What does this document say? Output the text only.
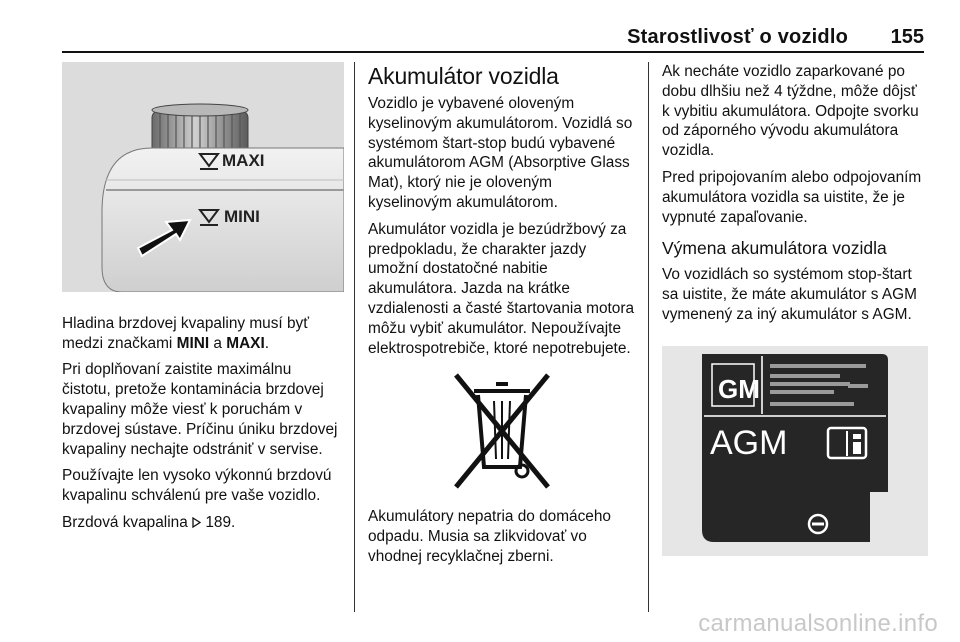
Starostlivosť o vozidlo 155
MAXI
MINI

Hladina brzdovej kvapaliny musí byť medzi značkami MINI a MAXI.

Pri doplňovaní zaistite maximálnu čistotu, pretože kontaminácia brzdovej kvapaliny môže viesť k poruchám v brzdovej sústave. Príčinu úniku brzdovej kvapaliny nechajte odstrániť v servise.

Používajte len vysoko výkonnú brzdovú kvapalinu schválenú pre vaše vozidlo.

Brzdová kvapalina  189.

Akumulátor vozidla

Vozidlo je vybavené oloveným kyselinovým akumulátorom. Vozidlá so systémom štart-stop budú vybavené akumulátorom AGM (Absorptive Glass Mat), ktorý nie je oloveným kyselinovým akumulátorom.

Akumulátor vozidla je bezúdržbový za predpokladu, že charakter jazdy umožní dostatočné nabitie akumulátora. Jazda na krátke vzdialenosti a časté štartovania motora môžu vybiť akumulátor. Nepoužívajte elektrospotrebiče, ktoré nepotrebujete.

Akumulátory nepatria do domáceho odpadu. Musia sa zlikvidovať vo vhodnej recyklačnej zberni.

Ak necháte vozidlo zaparkované po dobu dlhšiu než 4 týždne, môže dôjsť k vybitiu akumulátora. Odpojte svorku od záporného vývodu akumulátora vozidla.

Pred pripojovaním alebo odpojovaním akumulátora vozidla sa uistite, že je vypnuté zapaľovanie.

Výmena akumulátora vozidla

Vo vozidlách so systémom stop-štart sa uistite, že máte akumulátor s AGM vymenený za iný akumulátor s AGM.

GM
AGM
carmanualsonline.info
